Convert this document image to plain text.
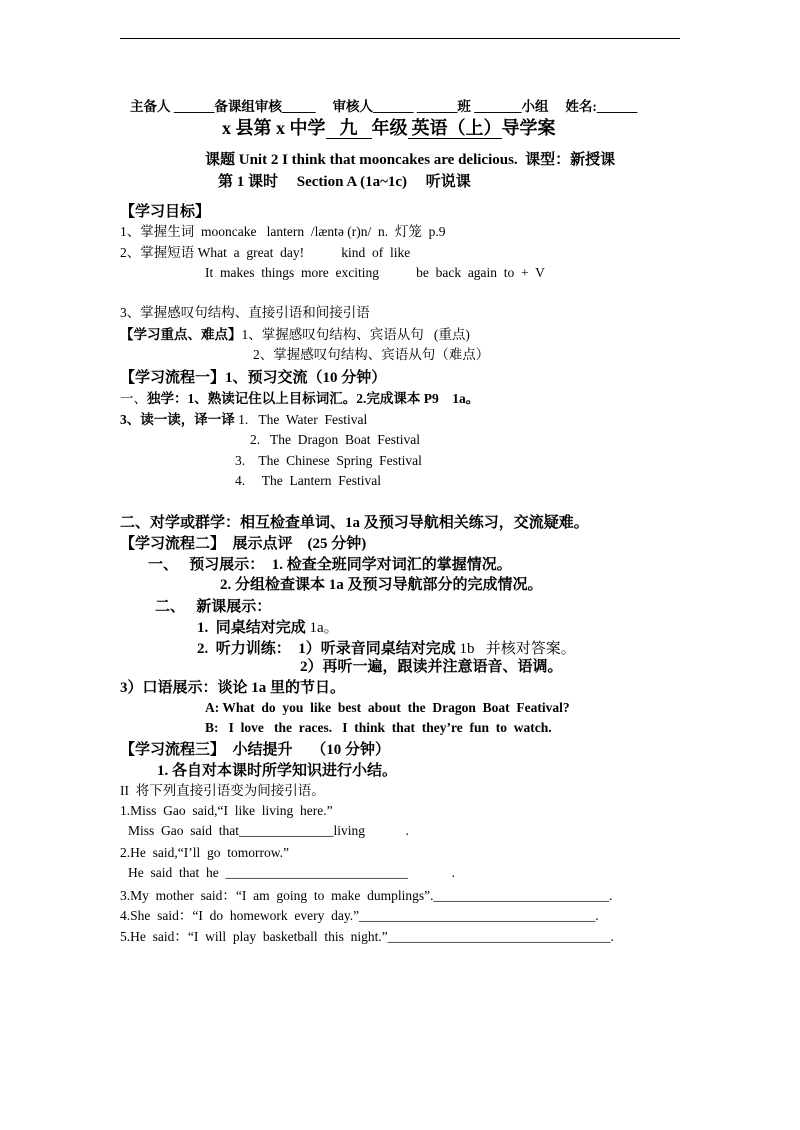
主备人 ______备课组审核_____　 审核人______ ______班 _______小组　 姓名:______
x 县第 x 中学 九 年级 英语（上）导学案
课题 Unit 2 I think that mooncakes are delicious.  课型：新授课
第 1 课时　 Section A (1a~1c)　 听说课
【学习目标】
1、掌握生词  mooncake   lantern  /læntə (r)n/  n.  灯笼  p.9
2、掌握短语 What  a  great  day!           kind  of  like
It  makes  things  more  exciting           be  back  again  to  +  V
3、掌握感叹句结构、直接引语和间接引语
【学习重点、难点】1、掌握感叹句结构、宾语从句   (重点)
2、掌握感叹句结构、宾语从句（难点）
【学习流程一】1、预习交流（10 分钟）
一、独学：1、熟读记住以上目标词汇。2.完成课本 P9    1a。
3、读一读，译一译 1.   The  Water  Festival
2.   The  Dragon  Boat  Festival
3.    The  Chinese  Spring  Festival
4.     The  Lantern  Festival
二、对学或群学：相互检查单词、1a 及预习导航相关练习，交流疑难。
【学习流程二】  展示点评    (25 分钟)
一、   预习展示：  1. 检查全班同学对词汇的掌握情况。
2. 分组检查课本 1a 及预习导航部分的完成情况。
二、   新课展示：
1.  同桌结对完成 1a。
2.  听力训练：  1）听录音同桌结对完成 1b   并核对答案。
2）再听一遍，跟读并注意语音、语调。
3）口语展示：谈论 1a 里的节日。
A: What  do  you  like  best  about  the  Dragon  Boat  Featival?
B:   I  love   the  races.   I  think  that  they’re  fun  to  watch.
【学习流程三】  小结提升     （10 分钟）
1. 各自对本课时所学知识进行小结。
II  将下列直接引语变为间接引语。
1.Miss  Gao  said,“I  like  living  here.”
Miss  Gao  said  that______________living            .
2.He  said,“I’ll  go  tomorrow.”
He  said  that  he  ___________________________             .
3.My  mother  said：“I  am  going  to  make  dumplings”.__________________________.
4.She  said：“I  do  homework  every  day.”___________________________________.
5.He  said：“I  will  play  basketball  this  night.”_________________________________.
